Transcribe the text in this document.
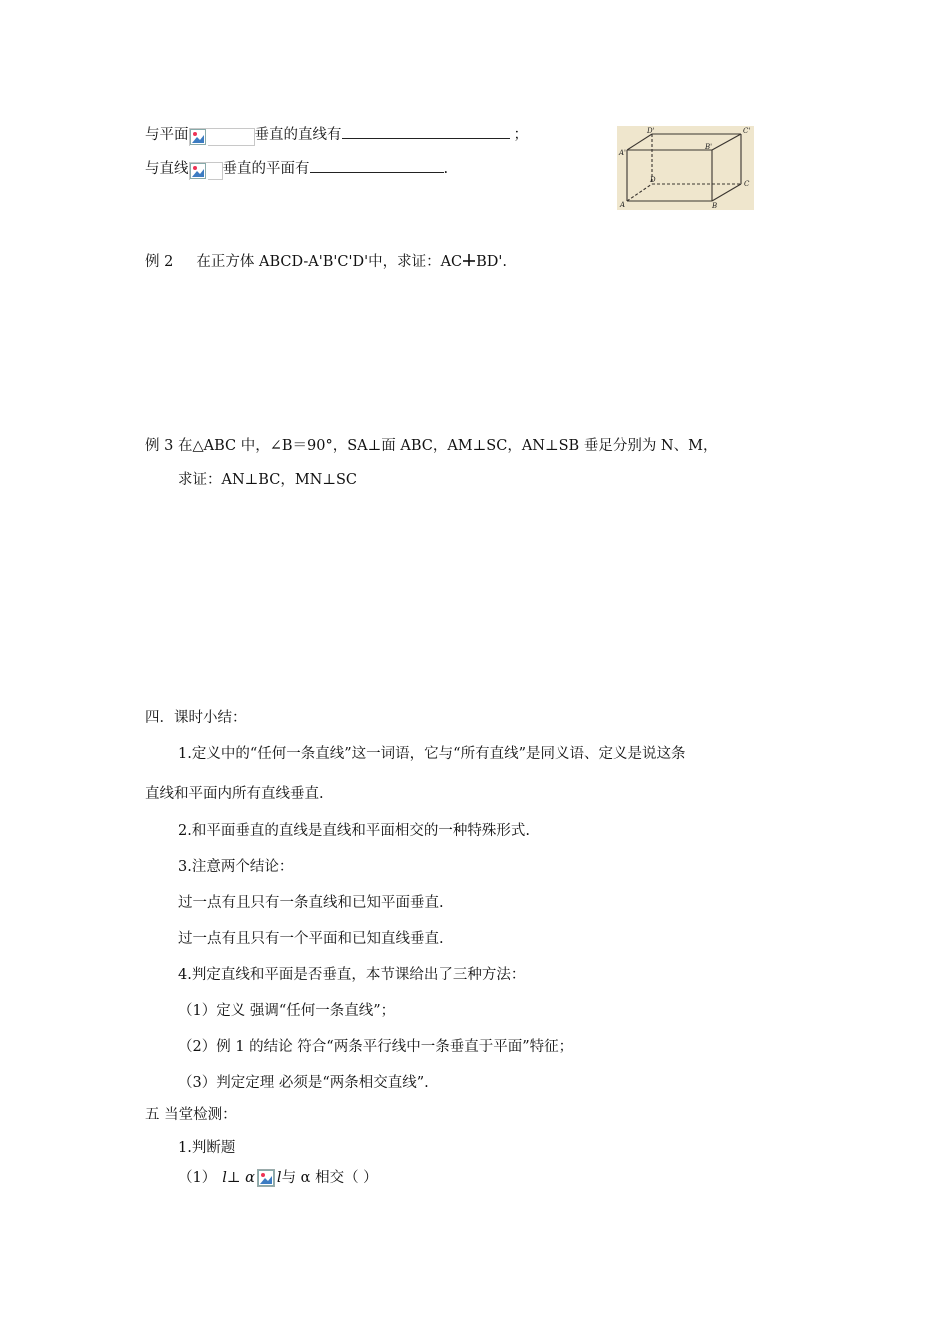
与平面	垂直的直线有	；
与直线 垂直的平面有	.
D'	C'
A'
B'
D	C
A	B
例 2     在正方体 ABCD-A'B'C'D'中，求证：AC BD'.
例 3 在△ABC 中，∠B＝90°，SA⊥面 ABC，AM⊥SC，AN⊥SB 垂足分别为 N、M，
求证：AN⊥BC，MN⊥SC
四．课时小结：
1.定义中的“任何一条直线”这一词语，它与“所有直线”是同义语、定义是说这条
直线和平面内所有直线垂直.
2.和平面垂直的直线是直线和平面相交的一种特殊形式.
3.注意两个结论：
过一点有且只有一条直线和已知平面垂直.
过一点有且只有一个平面和已知直线垂直.
4.判定直线和平面是否垂直，本节课给出了三种方法：
（1）定义 强调“任何一条直线”；
（2）例 1 的结论 符合“两条平行线中一条垂直于平面”特征；
（3）判定定理 必须是“两条相交直线”.
五 当堂检测：
1.判断题
（1） l⊥ α l与 α 相交（ ）
